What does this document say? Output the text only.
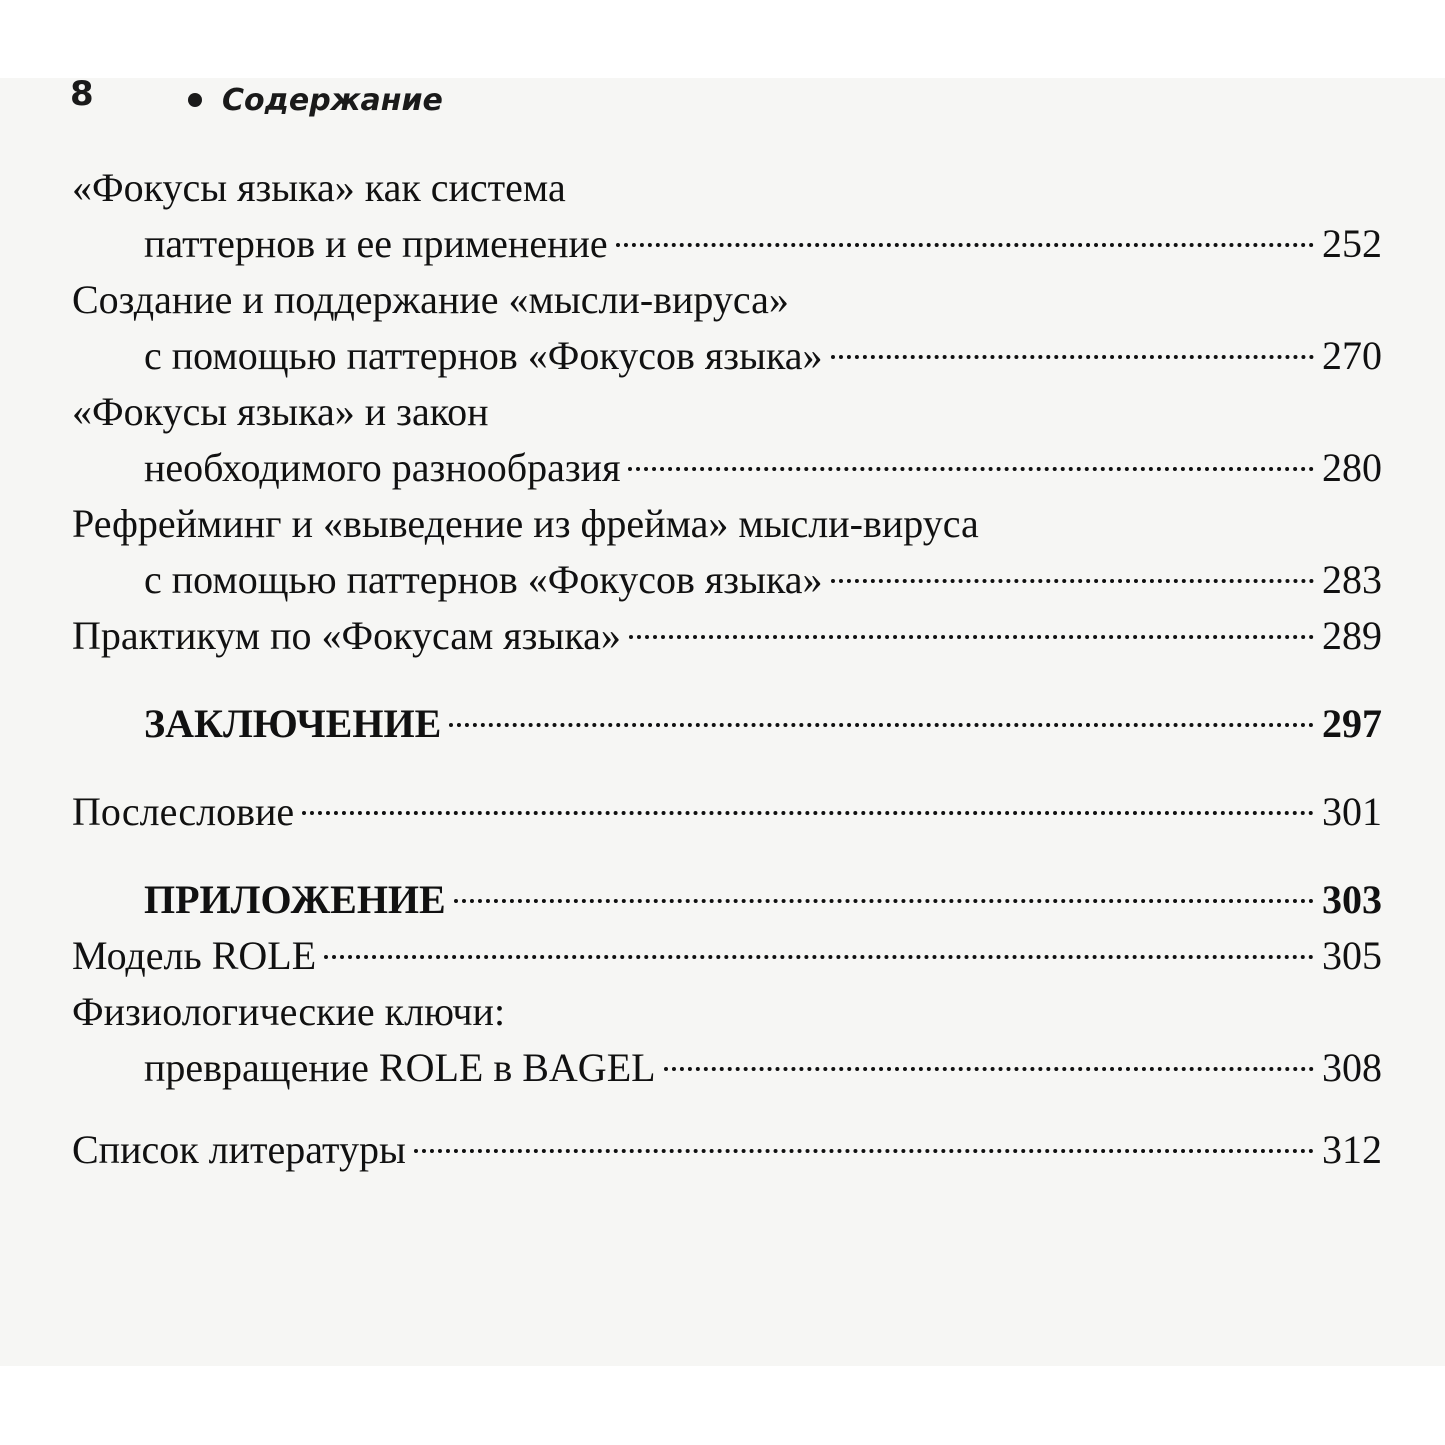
8	Содержание
«Фокусы языка» как система
паттернов и ее применение	252
Создание и поддержание «мысли-вируса»
с помощью паттернов «Фокусов языка»	270
«Фокусы языка» и закон
необходимого разнообразия	280
Рефрейминг и «выведение из фрейма» мысли-вируса
с помощью паттернов «Фокусов языка»	283
Практикум по «Фокусам языка»	289
ЗАКЛЮЧЕНИЕ	297
Послесловие	301
ПРИЛОЖЕНИЕ	303
Модель ROLE	305
Физиологические ключи:
превращение ROLE в BAGEL	308
Список литературы	312
